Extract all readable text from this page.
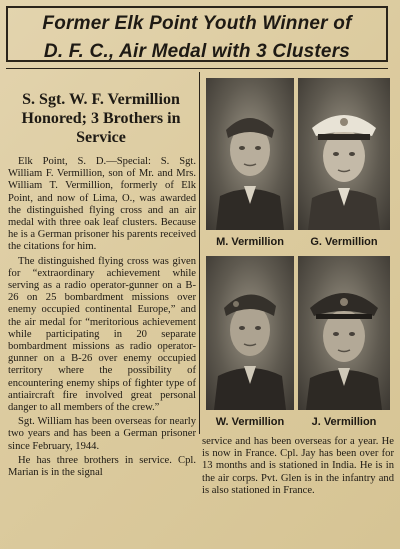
Former Elk Point Youth Winner of
D. F. C., Air Medal with 3 Clusters
S. Sgt. W. F. Vermillion Honored; 3 Brothers in Service

Elk Point, S. D.—Special: S. Sgt. William F. Vermillion, son of Mr. and Mrs. William T. Vermillion, formerly of Elk Point, and now of Lima, O., was awarded the distinguished flying cross and an air medal with three oak leaf clusters. Because he is a German prisoner his parents received the citations for him.

The distinguished flying cross was given for “extraordinary achievement while serving as a radio operator-gunner on a B-26 on 25 bombardment missions over enemy occupied continental Europe,” and the air medal for “meritorious achievement while participating in 20 separate bombardment missions as radio operator-gunner on a B-26 over enemy occupied territory where the possibility of encountering enemy ships of fighter type of antiaircraft fire involved great personal danger to all members of the crew.”

Sgt. William has been overseas for nearly two years and has been a German prisoner since February, 1944.

He has three brothers in service. Cpl. Marian is in the signal

M. Vermillion	G. Vermillion
W. Vermillion	J. Vermillion

service and has been overseas for a year. He is now in France. Cpl. Jay has been over for 13 months and is stationed in India. He is in the air corps. Pvt. Glen is in the infantry and is also stationed in France.
